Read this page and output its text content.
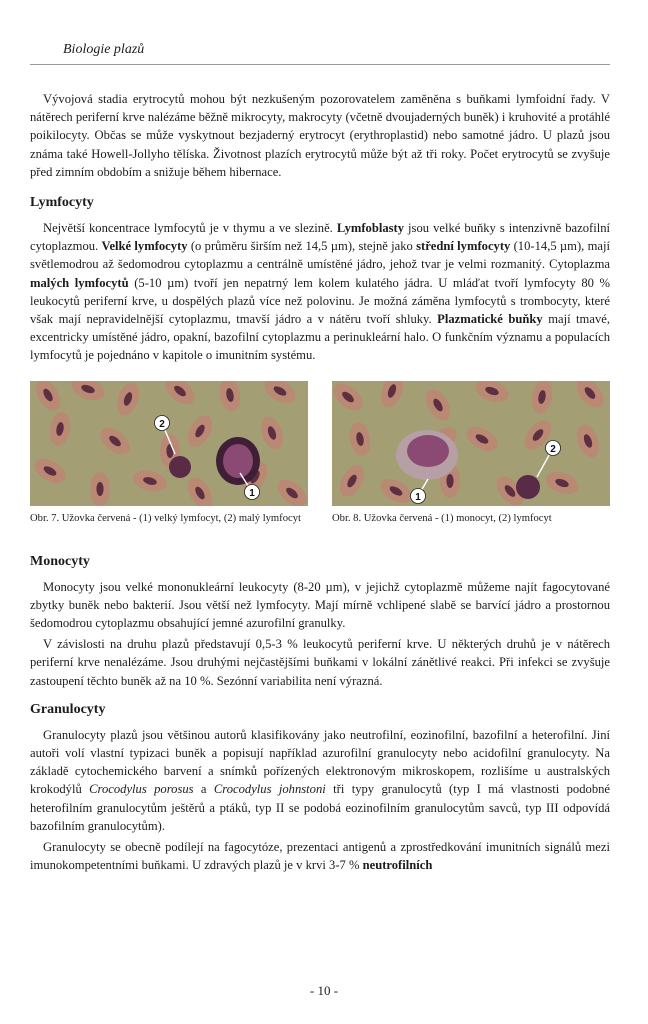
Biologie plazů

Vývojová stadia erytrocytů mohou být nezkušeným pozorovatelem zaměněna s buňkami lymfoidní řady. V nátěrech periferní krve nalézáme běžně mikrocyty, makrocyty (včetně dvoujaderných buněk) i kruhovité a protáhlé poikilocyty. Občas se může vyskytnout bezjaderný erytrocyt (erythroplastid) nebo samotné jádro. U plazů jsou známa také Howell-Jollyho tělíska. Životnost plazích erytrocytů může být až tři roky. Počet erytrocytů se zvyšuje před zimním obdobím a snižuje během hibernace.

Lymfocyty

Největší koncentrace lymfocytů je v thymu a ve slezině. Lymfoblasty jsou velké buňky s intenzivně bazofilní cytoplazmou. Velké lymfocyty (o průměru širším než 14,5 µm), stejně jako střední lymfocyty (10-14,5 µm), mají světlemodrou až šedomodrou cytoplazmu a centrálně umístěné jádro, jehož tvar je velmi rozmanitý. Cytoplazma malých lymfocytů (5-10 µm) tvoří jen nepatrný lem kolem kulatého jádra. U mláďat tvoří lymfocyty 80 % leukocytů periferní krve, u dospělých plazů více než polovinu. Je možná záměna lymfocytů s trombocyty, které však mají nepravidelnější cytoplazmu, tmavší jádro a v nátěru tvoří shluky. Plazmatické buňky mají tmavé, excentricky umístěné jádro, opakní, bazofilní cytoplazmu a perinukleární halo. O funkčním významu a populacích lymfocytů je pojednáno v kapitole o imunitním systému.

1
2
Obr. 7. Užovka červená - (1) velký lymfocyt, (2) malý lymfocyt
1
2
Obr. 8. Užovka červená - (1) monocyt, (2) lymfocyt
Monocyty

Monocyty jsou velké mononukleární leukocyty (8-20 µm), v jejichž cytoplazmě můžeme najít fagocytované zbytky buněk nebo bakterií. Jsou větší než lymfocyty. Mají mírně vchlipené slabě se barvící jádro a prostornou šedomodrou cytoplazmu obsahující jemné azurofilní granulky.

V závislosti na druhu plazů představují 0,5-3 % leukocytů periferní krve. U některých druhů je v nátěrech periferní krve nenalézáme. Jsou druhými nejčastějšími buňkami v lokální zánětlivé reakci. Při infekci se zvyšuje zastoupení těchto buněk až na 10 %. Sezónní variabilita není výrazná.

Granulocyty

Granulocyty plazů jsou většinou autorů klasifikovány jako neutrofilní, eozinofilní, bazofilní a heterofilní. Jiní autoři volí vlastní typizaci buněk a popisují například azurofilní granulocyty nebo acidofilní granulocyty. Na základě cytochemického barvení a snímků pořízených elektronovým mikroskopem, rozlišíme u australských krokodýlů Crocodylus porosus a Crocodylus johnstoni tři typy granulocytů (typ I má vlastnosti podobné heterofilním granulocytům ještěrů a ptáků, typ II se podobá eozinofilním granulocytům savců, typ III odpovídá bazofilním granulocytům).

Granulocyty se obecně podílejí na fagocytóze, prezentaci antigenů a zprostředkování imunitních signálů mezi imunokompetentními buňkami. U zdravých plazů je v krvi 3-7 % neutrofilních

- 10 -
